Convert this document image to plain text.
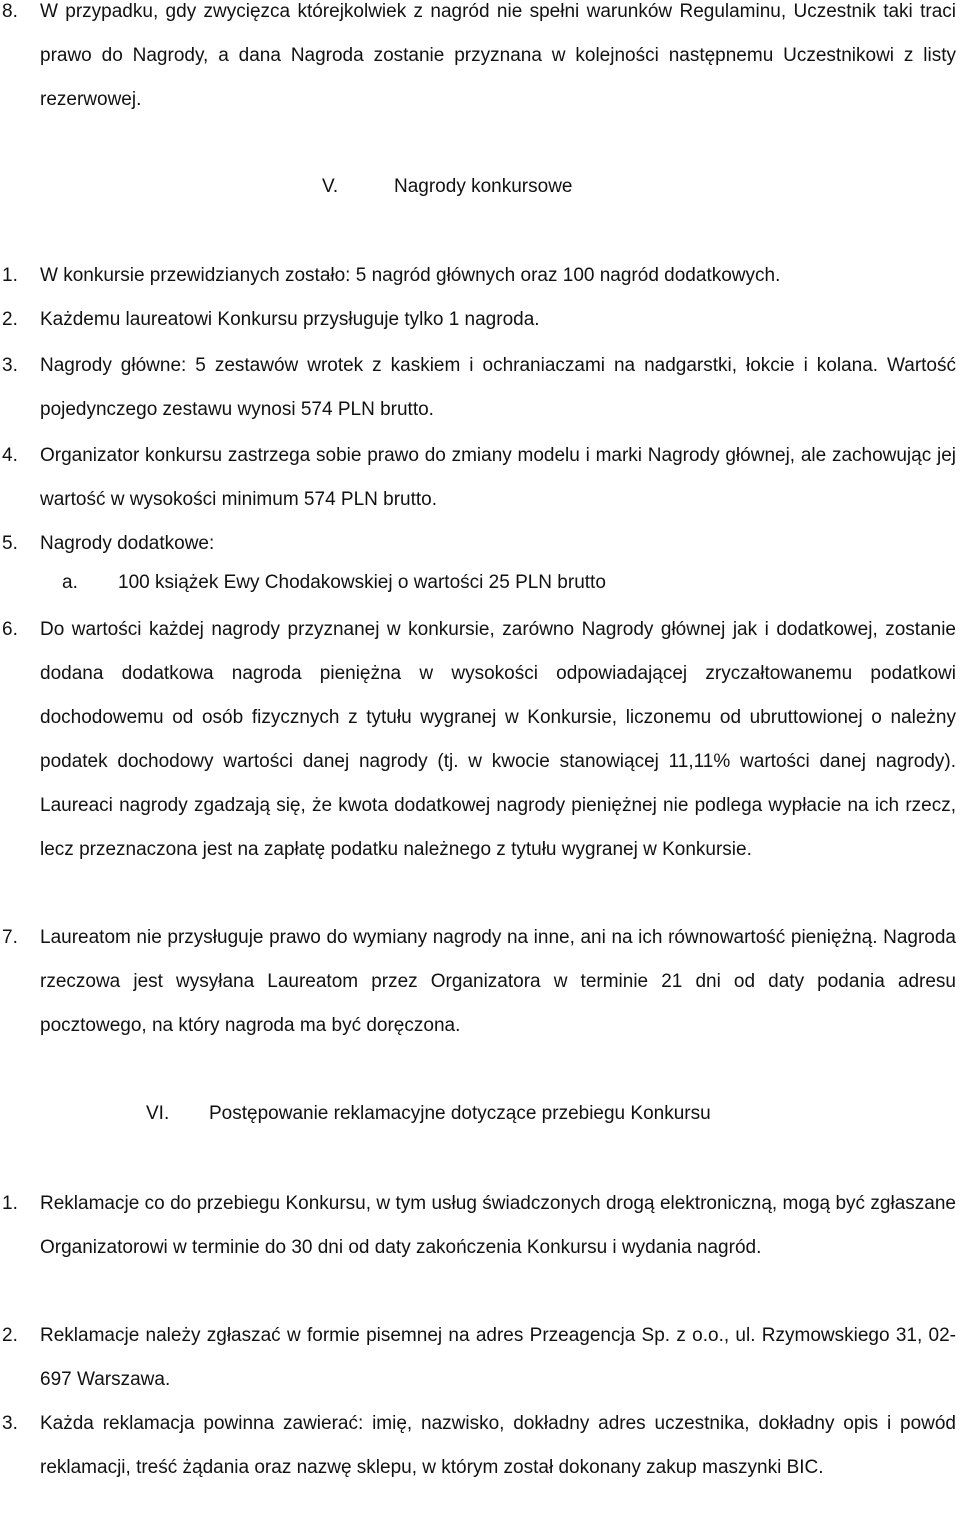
8. W przypadku, gdy zwycięzca którejkolwiek z nagród nie spełni warunków Regulaminu, Uczestnik taki traci prawo do Nagrody, a dana Nagroda zostanie przyznana w kolejności następnemu Uczestnikowi z listy rezerwowej.
V.	Nagrody konkursowe
1. W konkursie przewidzianych zostało: 5 nagród głównych oraz 100 nagród dodatkowych.
2. Każdemu laureatowi Konkursu przysługuje tylko 1 nagroda.
3. Nagrody główne: 5 zestawów wrotek z kaskiem i ochraniaczami na nadgarstki, łokcie i kolana. Wartość pojedynczego zestawu wynosi 574 PLN brutto.
4. Organizator konkursu zastrzega sobie prawo do zmiany modelu i marki Nagrody głównej, ale zachowując jej wartość w wysokości minimum 574 PLN brutto.
5. Nagrody dodatkowe:
a. 100 książek Ewy Chodakowskiej o wartości 25 PLN brutto
6. Do wartości każdej nagrody przyznanej w konkursie, zarówno Nagrody głównej jak i dodatkowej, zostanie dodana dodatkowa nagroda pieniężna w wysokości odpowiadającej zryczałtowanemu podatkowi dochodowemu od osób fizycznych z tytułu wygranej w Konkursie, liczonemu od ubruttowionej o należny podatek dochodowy wartości danej nagrody (tj. w kwocie stanowiącej 11,11% wartości danej nagrody). Laureaci nagrody zgadzają się, że kwota dodatkowej nagrody pieniężnej nie podlega wypłacie na ich rzecz, lecz przeznaczona jest na zapłatę podatku należnego z tytułu wygranej w Konkursie.
7. Laureatom nie przysługuje prawo do wymiany nagrody na inne, ani na ich równowartość pieniężną. Nagroda rzeczowa jest wysyłana Laureatom przez Organizatora w terminie 21 dni od daty podania adresu pocztowego, na który nagroda ma być doręczona.
VI. Postępowanie reklamacyjne dotyczące przebiegu Konkursu
1. Reklamacje co do przebiegu Konkursu, w tym usług świadczonych drogą elektroniczną, mogą być zgłaszane Organizatorowi w terminie do 30 dni od daty zakończenia Konkursu i wydania nagród.
2. Reklamacje należy zgłaszać w formie pisemnej na adres Przeagencja Sp. z o.o., ul. Rzymowskiego 31, 02-697 Warszawa.
3. Każda reklamacja powinna zawierać: imię, nazwisko, dokładny adres uczestnika, dokładny opis i powód reklamacji, treść żądania oraz nazwę sklepu, w którym został dokonany zakup maszynki BIC.
